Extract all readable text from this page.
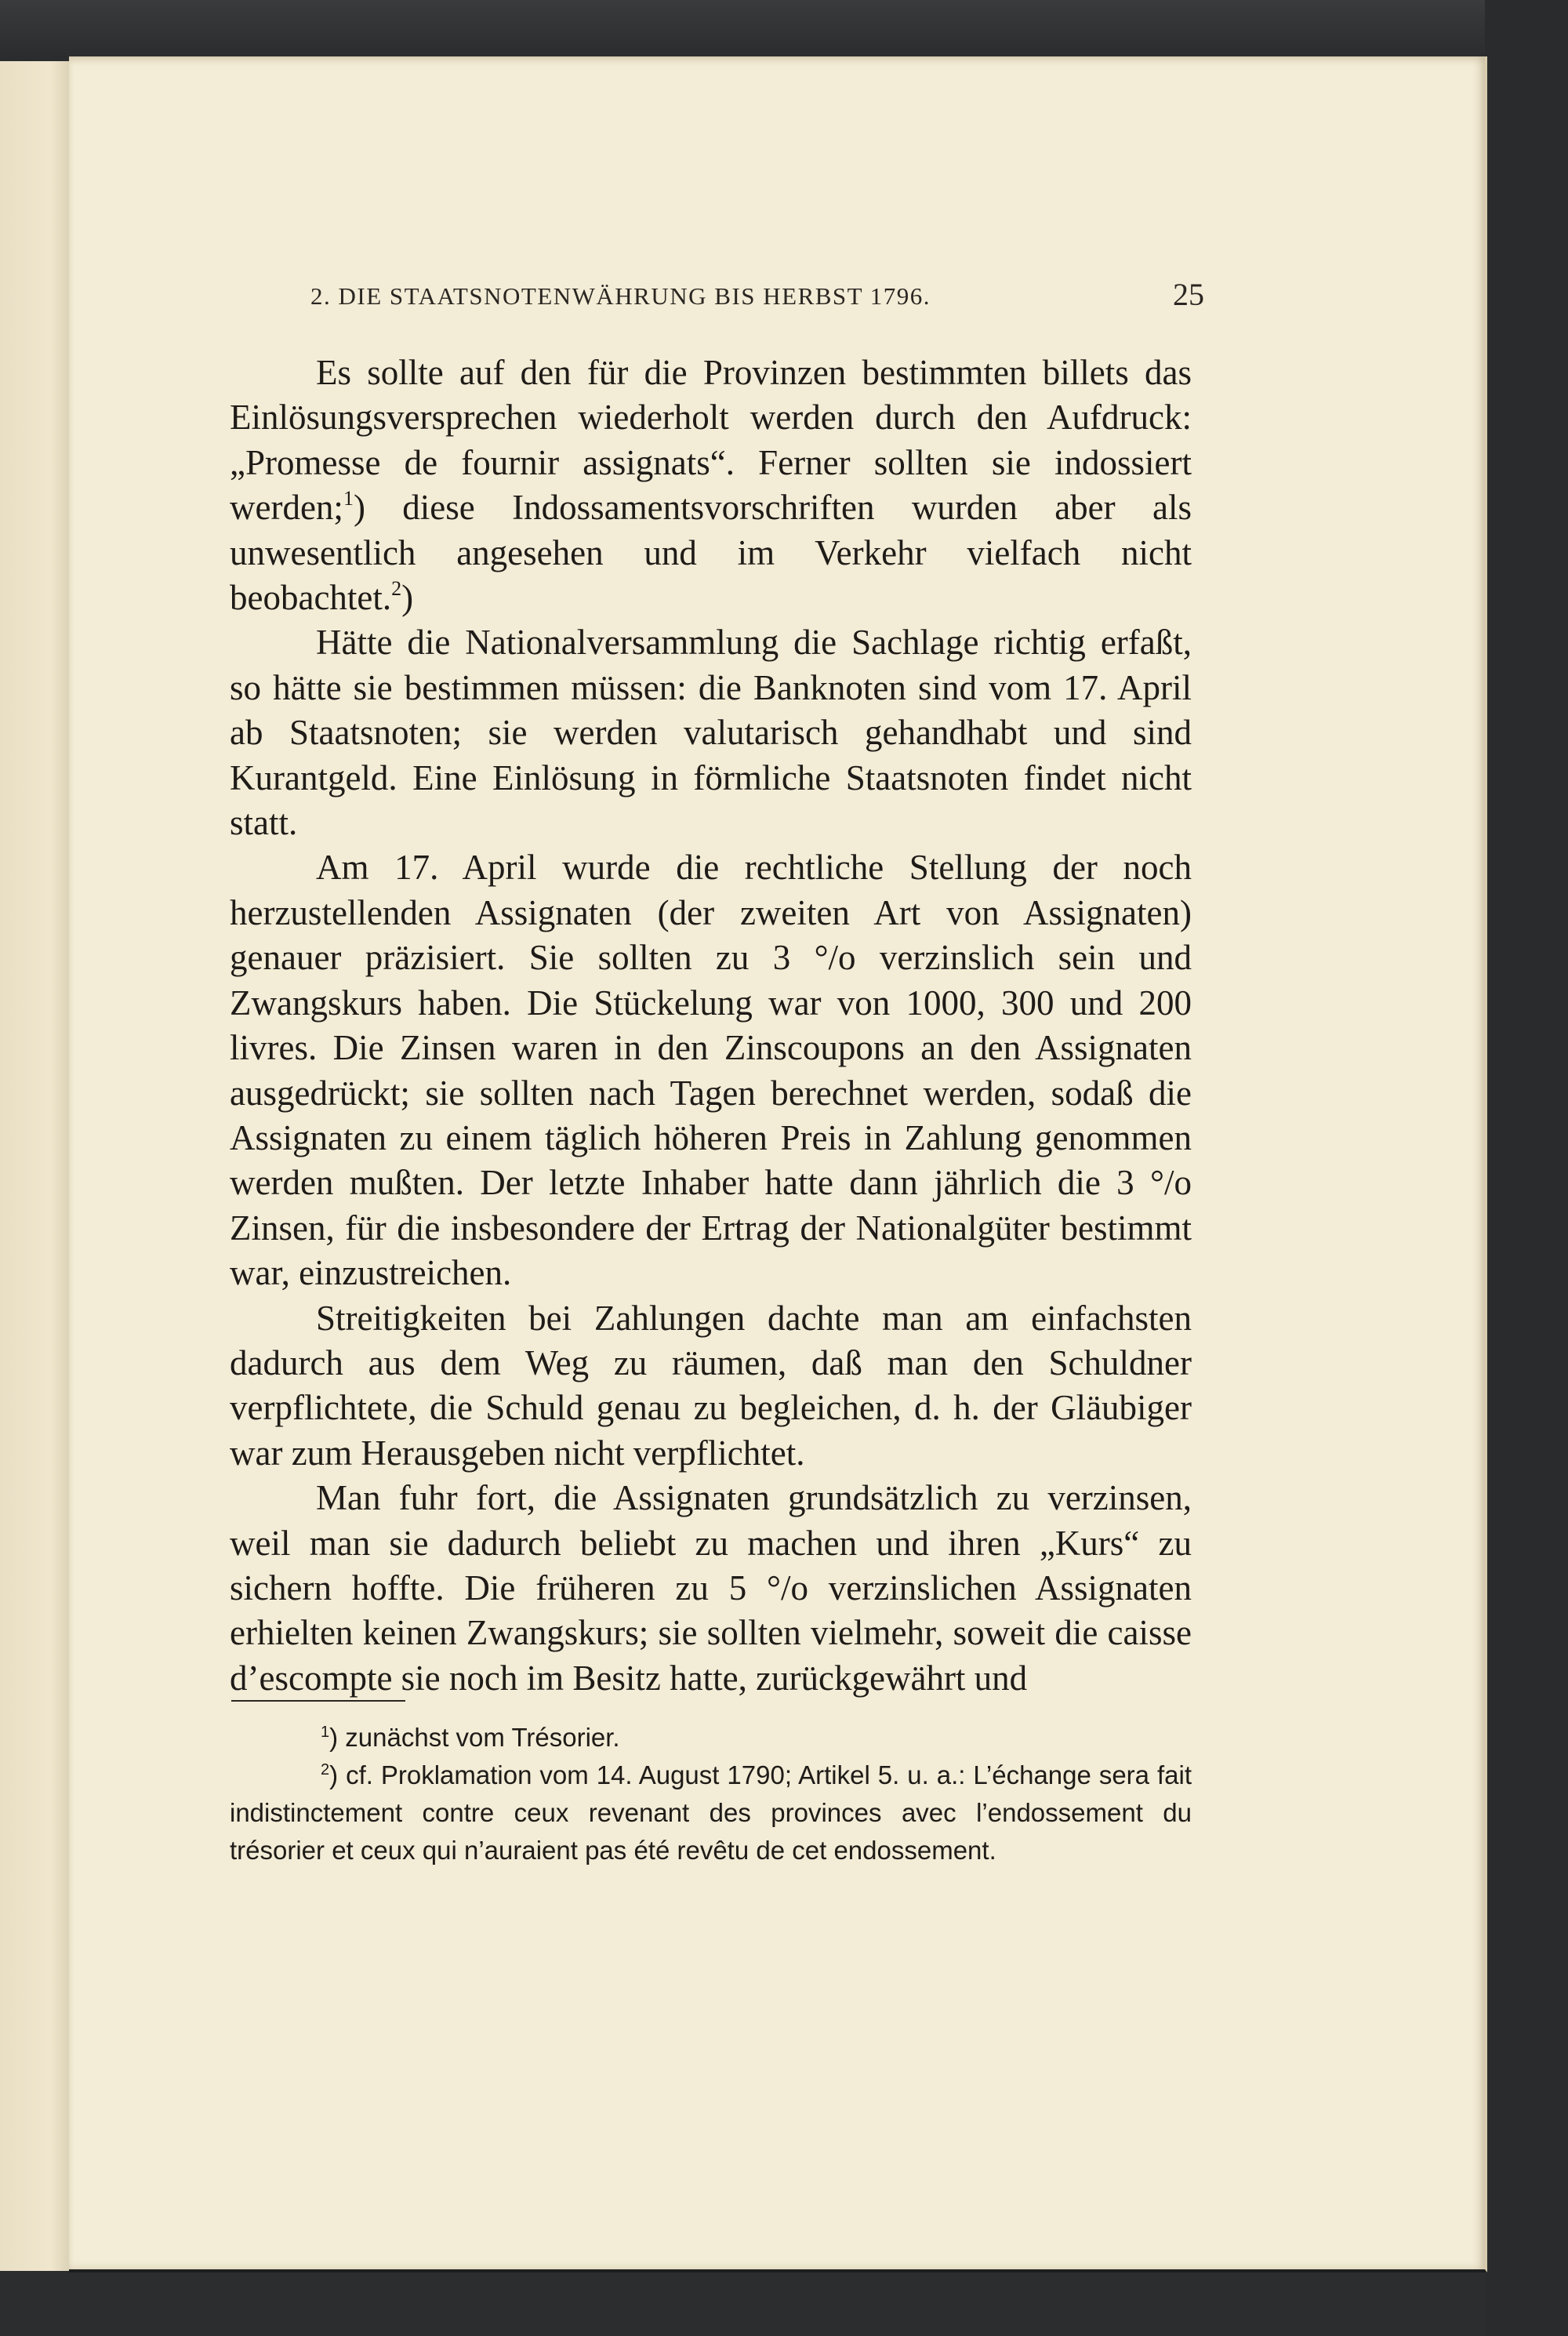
2. DIE STAATSNOTENWÄHRUNG BIS HERBST 1796.	25

Es sollte auf den für die Provinzen bestimmten billets das Einlösungsversprechen wiederholt werden durch den Aufdruck: „Promesse de fournir assignats“. Ferner sollten sie indossiert werden;$^1$) diese Indossamentsvorschriften wurden aber als unwesentlich angesehen und im Verkehr vielfach nicht beobachtet.$^2$)

Hätte die Nationalversammlung die Sachlage richtig erfaßt, so hätte sie bestimmen müssen: die Banknoten sind vom 17. April ab Staatsnoten; sie werden valutarisch gehandhabt und sind Kurantgeld. Eine Einlösung in förmliche Staatsnoten findet nicht statt.

Am 17. April wurde die rechtliche Stellung der noch herzustellenden Assignaten (der zweiten Art von Assignaten) genauer präzisiert. Sie sollten zu 3 °/o verzinslich sein und Zwangskurs haben. Die Stückelung war von 1000, 300 und 200 livres. Die Zinsen waren in den Zinscoupons an den Assignaten ausgedrückt; sie sollten nach Tagen berechnet werden, sodaß die Assignaten zu einem täglich höheren Preis in Zahlung genommen werden mußten. Der letzte Inhaber hatte dann jährlich die 3 °/o Zinsen, für die insbesondere der Ertrag der Nationalgüter bestimmt war, einzustreichen.

Streitigkeiten bei Zahlungen dachte man am einfachsten dadurch aus dem Weg zu räumen, daß man den Schuldner verpflichtete, die Schuld genau zu begleichen, d. h. der Gläubiger war zum Herausgeben nicht verpflichtet.

Man fuhr fort, die Assignaten grundsätzlich zu verzinsen, weil man sie dadurch beliebt zu machen und ihren „Kurs“ zu sichern hoffte. Die früheren zu 5 °/o verzinslichen Assignaten erhielten keinen Zwangskurs; sie sollten vielmehr, soweit die caisse d’escompte sie noch im Besitz hatte, zurückgewährt und

$^1$) zunächst vom Trésorier.

$^2$) cf. Proklamation vom 14. August 1790; Artikel 5. u. a.: L’échange sera fait indistinctement contre ceux revenant des provinces avec l’endossement du trésorier et ceux qui n’auraient pas été revêtu de cet endossement.
